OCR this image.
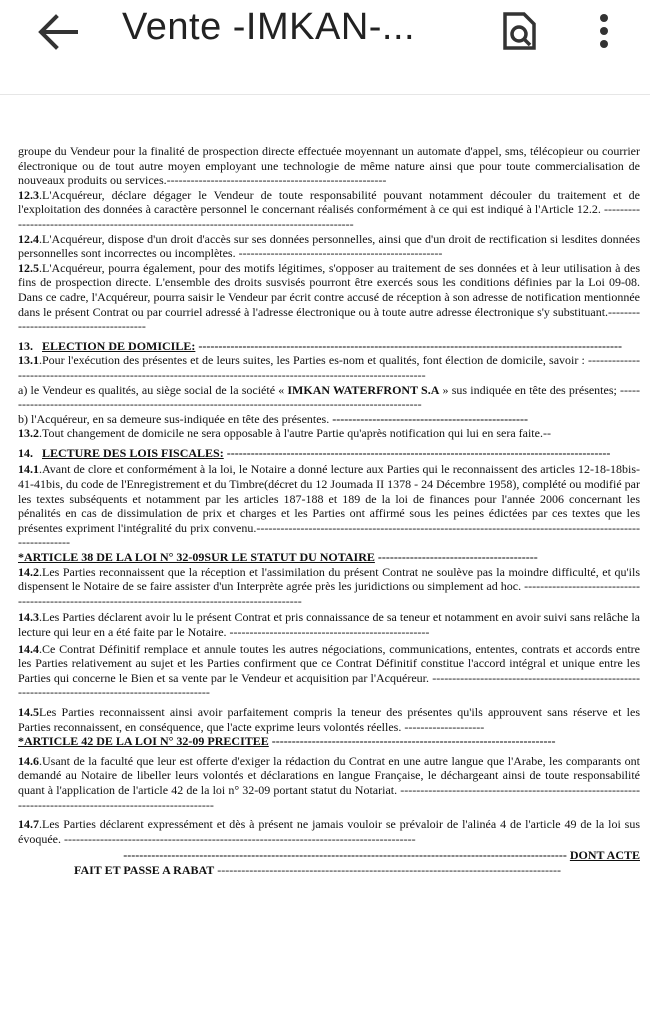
Vente -IMKAN-...

groupe du Vendeur pour la finalité de prospection directe effectuée moyennant un automate d'appel, sms, télécopieur ou courrier électronique ou de tout autre moyen employant une technologie de même nature ainsi que pour toute commercialisation de nouveaux produits ou services.-------------------------------------------------------

12.3.L'Acquéreur, déclare dégager le Vendeur de toute responsabilité pouvant notamment découler du traitement et de l'exploitation des données à caractère personnel le concernant réalisés conformément à ce qui est indiqué à l'Article 12.2. ---------------------------------------------------------------------------------------------

12.4.L'Acquéreur, dispose d'un droit d'accès sur ses données personnelles, ainsi que d'un droit de rectification si lesdites données personnelles sont incorrectes ou incomplètes. ---------------------------------------------------

12.5.L'Acquéreur, pourra également, pour des motifs légitimes, s'opposer au traitement de ses données et à leur utilisation à des fins de prospection directe. L'ensemble des droits susvisés pourront être exercés sous les conditions définies par la Loi 09-08. Dans ce cadre, l'Acquéreur, pourra saisir le Vendeur par écrit contre accusé de réception à son adresse de notification mentionnée dans le présent Contrat ou par courriel adressé à l'adresse électronique ou à toute autre adresse électronique s'y substituant.----------------------------------------

13. ELECTION DE DOMICILE: ----------------------------------------------------------------------------------------------------------

13.1.Pour l'exécution des présentes et de leurs suites, les Parties es-nom et qualités, font élection de domicile, savoir : -------------------------------------------------------------------------------------------------------------------

a) le Vendeur es qualités, au siège social de la société « IMKAN WATERFRONT S.A » sus indiquée en tête des présentes; ----------------------------------------------------------------------------------------------------------

b) l'Acquéreur, en sa demeure sus-indiquée en tête des présentes. -------------------------------------------------

13.2.Tout changement de domicile ne sera opposable à l'autre Partie qu'après notification qui lui en sera faite.--

14. LECTURE DES LOIS FISCALES: ------------------------------------------------------------------------------------------------

14.1.Avant de clore et conformément à la loi, le Notaire a donné lecture aux Parties qui le reconnaissent des articles 12-18-18bis-41-41bis, du code de l'Enregistrement et du Timbre(décret du 12 Joumada II 1378 - 24 Décembre 1958), complété ou modifié par les textes subséquents et notamment par les articles 187-188 et 189 de la loi de finances pour l'année 2006 concernant les pénalités en cas de dissimulation de prix et charges et les Parties ont affirmé sous les peines édictées par ces textes que les présentes expriment l'intégralité du prix convenu.-------------------------------------------------------------------------------------------------------------

*ARTICLE 38 DE LA LOI N° 32-09SUR LE STATUT DU NOTAIRE ----------------------------------------

14.2.Les Parties reconnaissent que la réception et l'assimilation du présent Contrat ne soulève pas la moindre difficulté, et qu'ils dispensent le Notaire de se faire assister d'un Interprète agrée près les juridictions ou simplement ad hoc. ----------------------------------------------------------------------------------------------------

14.3.Les Parties déclarent avoir lu le présent Contrat et pris connaissance de sa teneur et notamment en avoir suivi sans relâche la lecture qui leur en a été faite par le Notaire. --------------------------------------------------

14.4.Ce Contrat Définitif remplace et annule toutes les autres négociations, communications, ententes, contrats et accords entre les Parties relativement au sujet et les Parties confirment que ce Contrat Définitif constitue l'accord intégral et unique entre les Parties qui concerne le Bien et sa vente par le Vendeur et acquisition par l'Acquéreur. ----------------------------------------------------------------------------------------------------

14.5Les Parties reconnaissent ainsi avoir parfaitement compris la teneur des présentes qu'ils approuvent sans réserve et les Parties reconnaissent, en conséquence, que l'acte exprime leurs volontés réelles. --------------------

*ARTICLE 42 DE LA LOI N° 32-09 PRECITEE -----------------------------------------------------------------------

14.6.Usant de la faculté que leur est offerte d'exiger la rédaction du Contrat en une autre langue que l'Arabe, les comparants ont demandé au Notaire de libeller leurs volontés et déclarations en langue Française, le déchargeant ainsi de toute responsabilité quant à l'application de l'article 42 de la loi n° 32-09 portant statut du Notariat. -------------------------------------------------------------------------------------------------------------

14.7.Les Parties déclarent expressément et dès à présent ne jamais vouloir se prévaloir de l'alinéa 4 de l'article 49 de la loi sus évoquée. ----------------------------------------------------------------------------------------

--------------------------------------------------------------------------------------------------------------- DONT ACTE

FAIT ET PASSE A RABAT --------------------------------------------------------------------------------------
